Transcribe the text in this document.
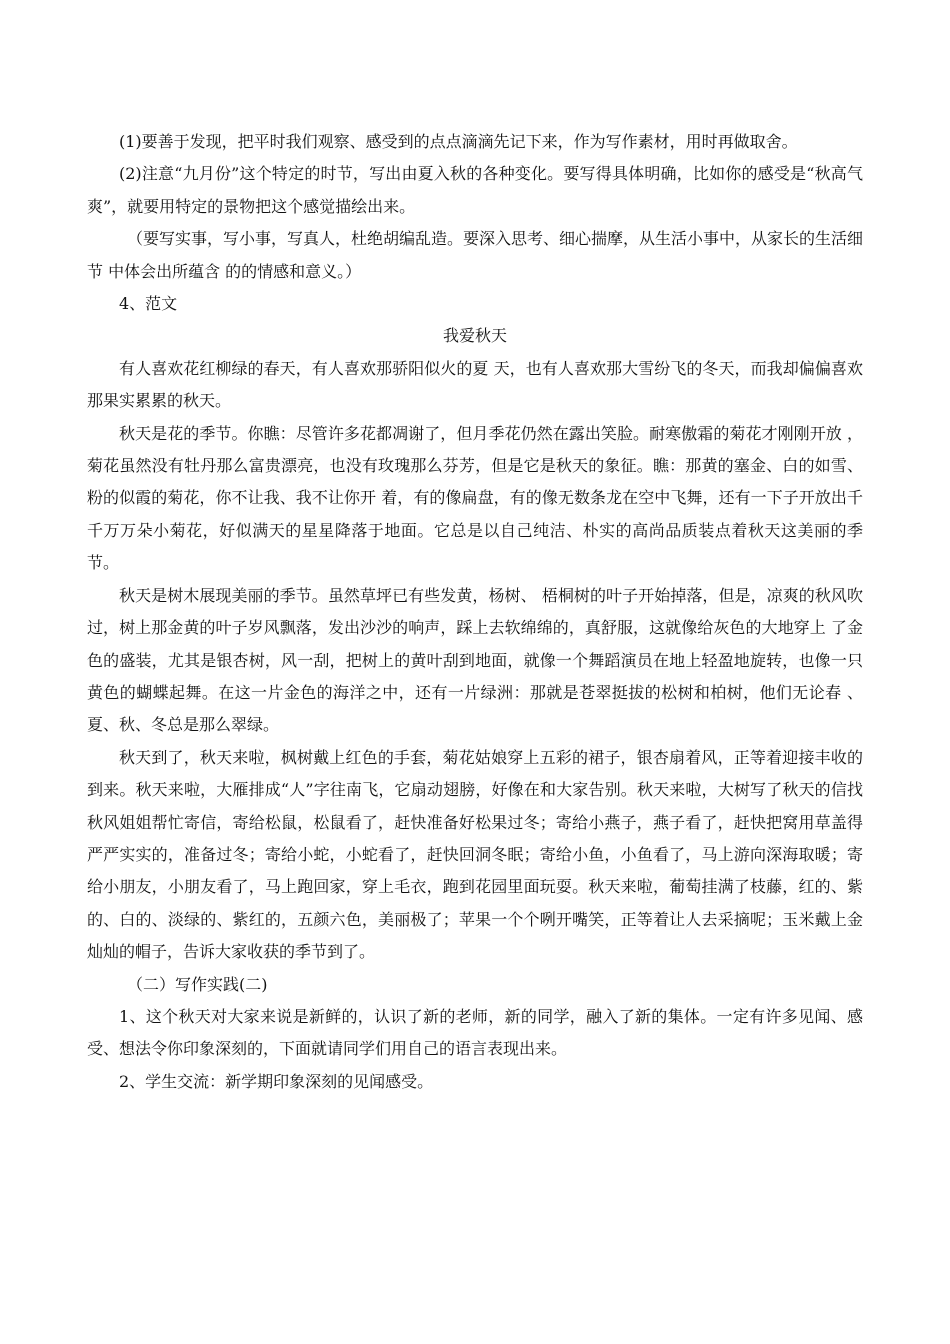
(1)要善于发现，把平时我们观察、感受到的点点滴滴先记下来，作为写作素材，用时再做取舍。

(2)注意“九月份”这个特定的时节，写出由夏入秋的各种变化。要写得具体明确，比如你的感受是“秋高气爽”，就要用特定的景物把这个感觉描绘出来。

（要写实事，写小事，写真人，杜绝胡编乱造。要深入思考、细心揣摩，从生活小事中，从家长的生活细节 中体会出所蕴含 的的情感和意义。）

4、范文

我爱秋天

有人喜欢花红柳绿的春天，有人喜欢那骄阳似火的夏 天，也有人喜欢那大雪纷飞的冬天，而我却偏偏喜欢那果实累累的秋天。

秋天是花的季节。你瞧：尽管许多花都凋谢了，但月季花仍然在露出笑脸。耐寒傲霜的菊花才刚刚开放 ，菊花虽然没有牡丹那么富贵漂亮，也没有玫瑰那么芬芳，但是它是秋天的象征。瞧：那黄的塞金、白的如雪、粉的似霞的菊花，你不让我、我不让你开 着，有的像扁盘，有的像无数条龙在空中飞舞，还有一下子开放出千千万万朵小菊花，好似满天的星星降落于地面。它总是以自己纯洁、朴实的高尚品质装点着秋天这美丽的季节。

秋天是树木展现美丽的季节。虽然草坪已有些发黄，杨树、 梧桐树的叶子开始掉落，但是，凉爽的秋风吹过，树上那金黄的叶子岁风飘落，发出沙沙的响声，踩上去软绵绵的，真舒服，这就像给灰色的大地穿上 了金色的盛装，尤其是银杏树，风一刮，把树上的黄叶刮到地面，就像一个舞蹈演员在地上轻盈地旋转，也像一只黄色的蝴蝶起舞。在这一片金色的海洋之中，还有一片绿洲：那就是苍翠挺拔的松树和柏树，他们无论春 、夏、秋、冬总是那么翠绿。

秋天到了，秋天来啦，枫树戴上红色的手套，菊花姑娘穿上五彩的裙子，银杏扇着风，正等着迎接丰收的到来。秋天来啦，大雁排成“人”字往南飞，它扇动翅膀，好像在和大家告别。秋天来啦，大树写了秋天的信找秋风姐姐帮忙寄信，寄给松鼠，松鼠看了，赶快准备好松果过冬；寄给小燕子，燕子看了，赶快把窝用草盖得严严实实的，准备过冬；寄给小蛇，小蛇看了，赶快回洞冬眠；寄给小鱼，小鱼看了，马上游向深海取暖；寄给小朋友，小朋友看了，马上跑回家，穿上毛衣，跑到花园里面玩耍。秋天来啦，葡萄挂满了枝藤，红的、紫的、白的、淡绿的、紫红的，五颜六色，美丽极了；苹果一个个咧开嘴笑，正等着让人去采摘呢；玉米戴上金灿灿的帽子，告诉大家收获的季节到了。

（二）写作实践(二)

1、这个秋天对大家来说是新鲜的，认识了新的老师，新的同学，融入了新的集体。一定有许多见闻、感受、想法令你印象深刻的，下面就请同学们用自己的语言表现出来。

2、学生交流：新学期印象深刻的见闻感受。
